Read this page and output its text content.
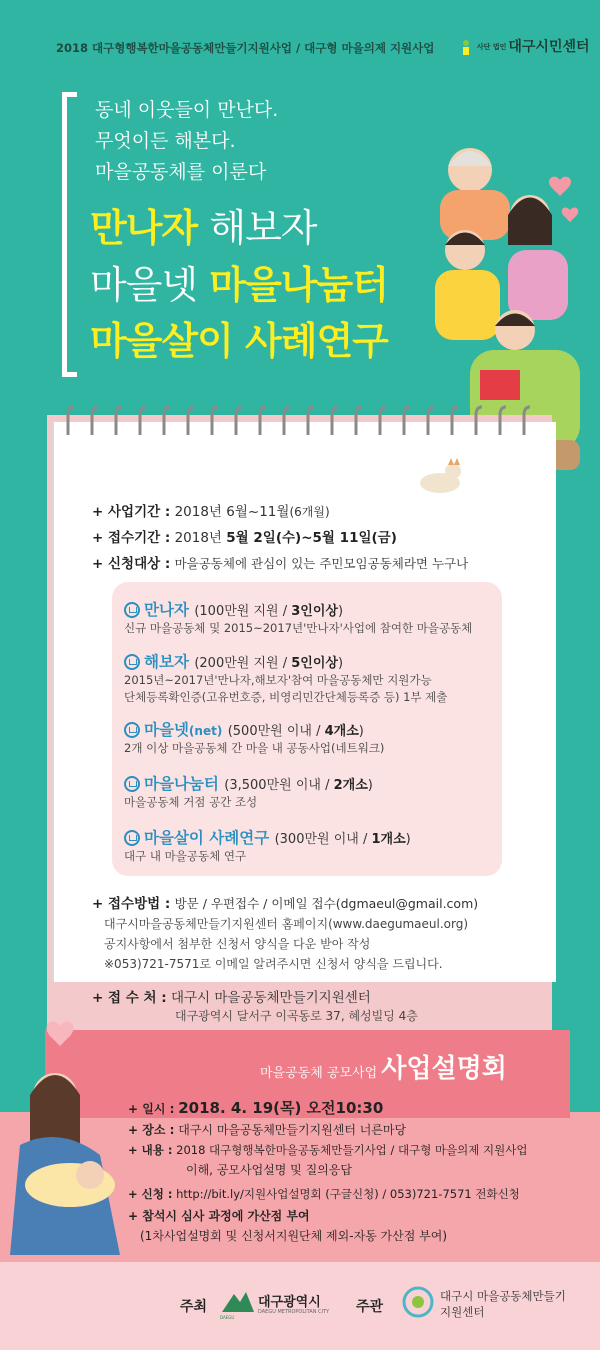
2018 대구형행복한마을공동체만들기지원사업 / 대구형 마을의제 지원사업	사단 법인 대구시민센터
동네 이웃들이 만난다.
무엇이든 해본다.
마을공동체를 이룬다
만나자 해보자
마을넷 마을나눔터
마을살이 사례연구
+ 사업기간 : 2018년 6월~11월(6개월)
+ 접수기간 : 2018년 5월 2일(수)~5월 11일(금)
+ 신청대상 : 마을공동체에 관심이 있는 주민모임공동체라면 누구나
만나자 (100만원 지원 / 3인이상)
신규 마을공동체 및 2015~2017년'만나자'사업에 참여한 마을공동체
해보자 (200만원 지원 / 5인이상)
2015년~2017년'만나자,해보자'참여 마을공동체만 지원가능
단체등록확인증(고유번호증, 비영리민간단체등록증 등) 1부 제출
마을넷(net) (500만원 이내 / 4개소)
2개 이상 마을공동체 간 마을 내 공동사업(네트워크)
마을나눔터 (3,500만원 이내 / 2개소)
마을공동체 거점 공간 조성
마을살이 사례연구 (300만원 이내 / 1개소)
대구 내 마을공동체 연구
+ 접수방법 : 방문 / 우편접수 / 이메일 접수(dgmaeul@gmail.com)
대구시마을공동체만들기지원센터 홈페이지(www.daegumaeul.org)
공지사항에서 첨부한 신청서 양식을 다운 받아 작성
※053)721-7571로 이메일 알려주시면 신청서 양식을 드립니다.
+ 접 수 처 : 대구시 마을공동체만들기지원센터
대구광역시 달서구 이곡동로 37, 혜성빌딩 4층
마을공동체 공모사업 사업설명회
+ 일시 : 2018. 4. 19(목) 오전10:30
+ 장소 : 대구시 마을공동체만들기지원센터 너른마당
+ 내용 : 2018 대구형행복한마을공동체만들기사업 / 대구형 마을의제 지원사업
이해, 공모사업설명 및 질의응답
+ 신청 : http://bit.ly/지원사업설명회 (구글신청) / 053)721-7571 전화신청
+ 참석시 심사 과정에 가산점 부여
(1차사업설명회 및 신청서지원단체 제외-자동 가산점 부여)
주최
DAEGU
대구광역시
DAEGU METROPOLITAN CITY 주관
대구시 마을공동체만들기
지원센터
